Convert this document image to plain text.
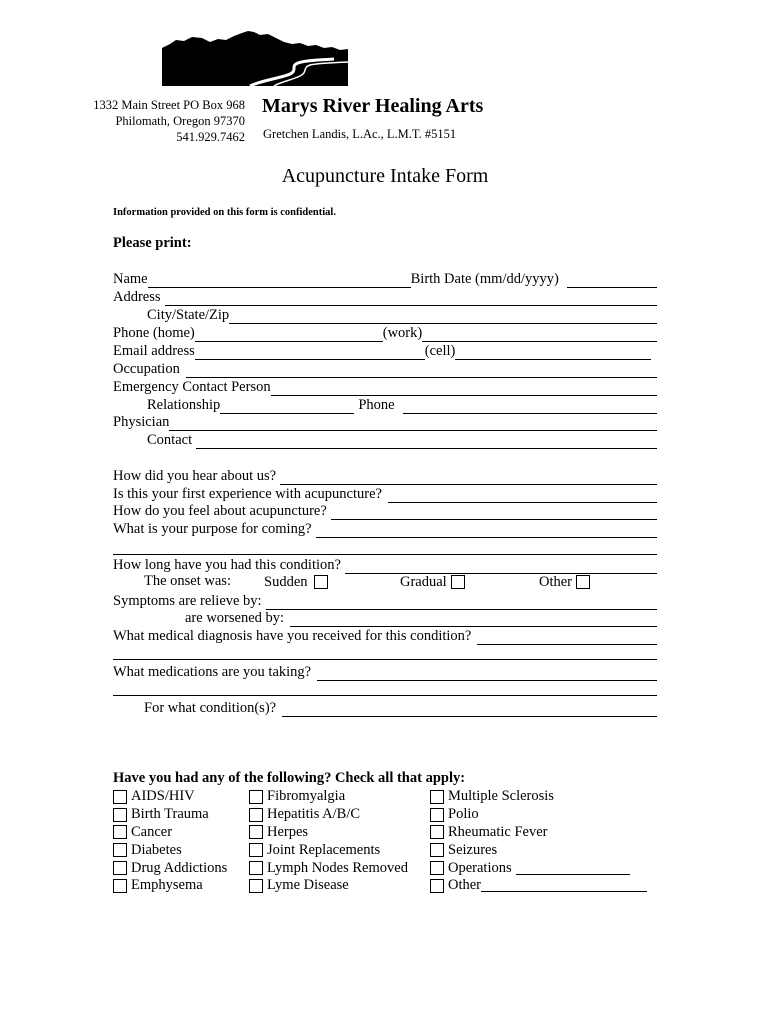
1332 Main Street PO Box 968
Philomath, Oregon 97370
541.929.7462
Marys River Healing Arts
Gretchen Landis, L.Ac., L.M.T. #5151
Acupuncture Intake Form
Information provided on this form is confidential.
Please print:
Name	Birth Date (mm/dd/yyyy)
Address
City/State/Zip
Phone (home)	(work)
Email address	(cell)
Occupation
Emergency Contact Person
Relationship	Phone
Physician
Contact
How did you hear about us?
Is this your first experience with acupuncture?
How do you feel about acupuncture?
What is your purpose for coming?
How long have you had this condition?
The onset was: Sudden	Gradual	Other
Symptoms are relieve by:
are worsened by:
What medical diagnosis have you received for this condition?
What medications are you taking?
For what condition(s)?
Have you had any of the following? Check all that apply:
AIDS/HIV
Birth Trauma
Cancer
Diabetes
Drug Addictions
Emphysema
Fibromyalgia
Hepatitis A/B/C
Herpes
Joint Replacements
Lymph Nodes Removed
Lyme Disease
Multiple Sclerosis
Polio
Rheumatic Fever
Seizures
Operations
Other
